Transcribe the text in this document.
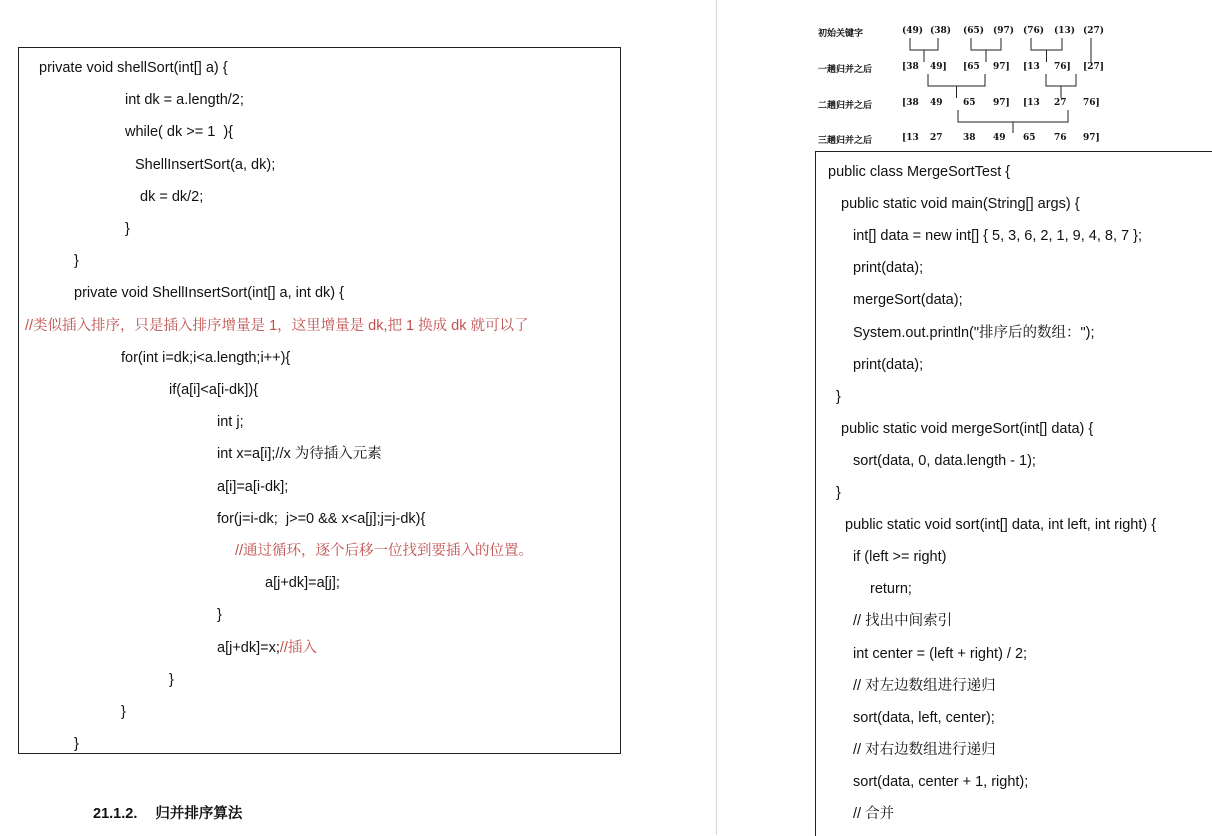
private void shellSort(int[] a) {
int dk = a.length/2;
while( dk >= 1  ){
ShellInsertSort(a, dk);
dk = dk/2;
}
}
private void ShellInsertSort(int[] a, int dk) {
//类似插入排序，只是插入排序增量是 1，这里增量是 dk,把 1 换成 dk 就可以了
for(int i=dk;i<a.length;i++){
if(a[i]<a[i-dk]){
int j;
int x=a[i];//x 为待插入元素
a[i]=a[i-dk];
for(j=i-dk;  j>=0 && x<a[j];j=j-dk){
//通过循环，逐个后移一位找到要插入的位置。
a[j+dk]=a[j];
}
a[j+dk]=x;//插入
}
}
}
初始关键字	(49) (38) (65) (97) (76) (13) (27)
一趟归并之后	[38 49] [65 97] [13 76] [27]
二趟归并之后	[38 49 65 97] [13 27 76]
三趟归并之后	[13 27 38 49 65 76 97]
public class MergeSortTest {
public static void main(String[] args) {
int[] data = new int[] { 5, 3, 6, 2, 1, 9, 4, 8, 7 };
print(data);
mergeSort(data);
System.out.println("排序后的数组：");
print(data);
}
public static void mergeSort(int[] data) {
sort(data, 0, data.length - 1);
}
public static void sort(int[] data, int left, int right) {
if (left >= right)
return;
// 找出中间索引
int center = (left + right) / 2;
// 对左边数组进行递归
sort(data, left, center);
// 对右边数组进行递归
sort(data, center + 1, right);
// 合并
21.1.2. 归并排序算法
